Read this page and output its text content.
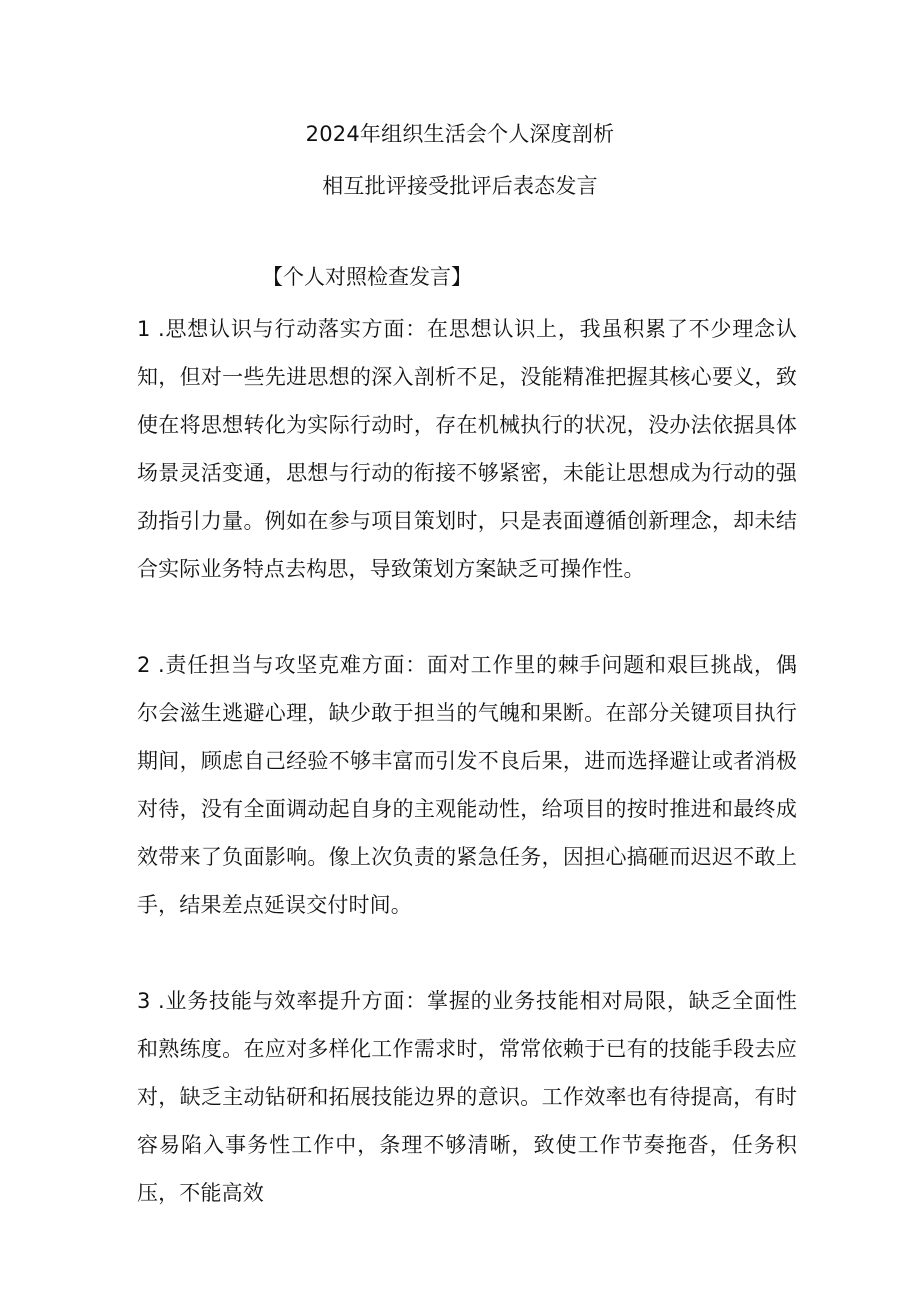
2024年组织生活会个人深度剖析
相互批评接受批评后表态发言
【个人对照检查发言】

1 .思想认识与行动落实方面：在思想认识上，我虽积累了不少理念认知，但对一些先进思想的深入剖析不足，没能精准把握其核心要义，致使在将思想转化为实际行动时，存在机械执行的状况，没办法依据具体场景灵活变通，思想与行动的衔接不够紧密，未能让思想成为行动的强劲指引力量。例如在参与项目策划时，只是表面遵循创新理念，却未结合实际业务特点去构思，导致策划方案缺乏可操作性。

2 .责任担当与攻坚克难方面：面对工作里的棘手问题和艰巨挑战，偶尔会滋生逃避心理，缺少敢于担当的气魄和果断。在部分关键项目执行期间，顾虑自己经验不够丰富而引发不良后果，进而选择避让或者消极对待，没有全面调动起自身的主观能动性，给项目的按时推进和最终成效带来了负面影响。像上次负责的紧急任务，因担心搞砸而迟迟不敢上手，结果差点延误交付时间。

3 .业务技能与效率提升方面：掌握的业务技能相对局限，缺乏全面性和熟练度。在应对多样化工作需求时，常常依赖于已有的技能手段去应对，缺乏主动钻研和拓展技能边界的意识。工作效率也有待提高，有时容易陷入事务性工作中，条理不够清晰，致使工作节奏拖沓，任务积压，不能高效
